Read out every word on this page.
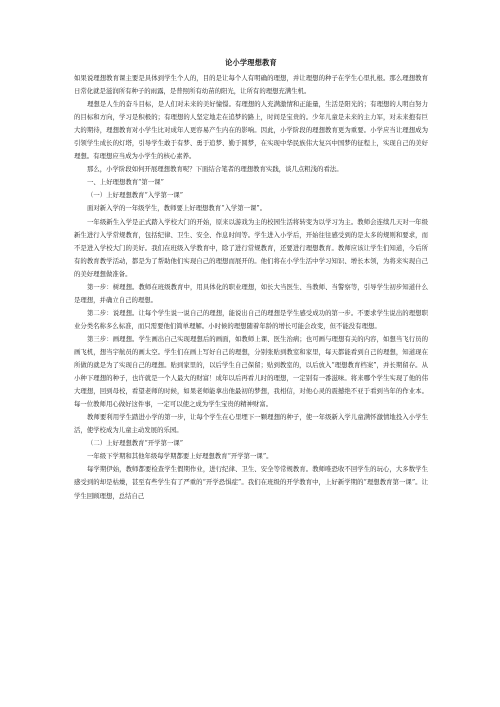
论小学理想教育

如果说理想教育课主要是具体到学生个人的，目的是让每个人有明确的理想，并让理想的种子在学生心里扎根。那么理想教育日常化就是滋润所有种子的雨露，是普照所有幼苗的阳光，让所有的理想充满生机。

理想是人生的奋斗目标，是人们对未来的美好憧憬。有理想的人充满激情和正能量，生活是阳光的；有理想的人明白努力的目标和方向，学习是积极的；有理想的人坚定地走在追梦的路上，时间是宝贵的。少年儿童是未来的主力军，对未来抱有巨大的期待，理想教育对小学生比对成年人更容易产生内在的影响。因此，小学阶段的理想教育更为重要。小学应当让理想成为引领学生成长的灯塔，引导学生敢于有梦、勇于追梦、勤于圆梦，在实现中华民族伟大复兴中国梦的征程上，实现自己的美好理想。有理想应当成为小学生的核心素养。

那么，小学阶段如何开展理想教育呢？下面结合笔者的理想教育实践，谈几点粗浅的看法。

一、上好理想教育“第一课”

（一）上好理想教育“入学第一课”

面对新入学的一年级学生，教师要上好理想教育“入学第一课”。

一年级新生入学是正式踏入学校大门的开始，原来以游戏为主的校园生活将转变为以学习为主。教师会连续几天对一年级新生进行入学常规教育，包括纪律、卫生、安全、作息时间等。学生进入小学后，开始往往感受到的是太多的规则和要求，而不是进入学校大门的美好。我们在班级入学教育中，除了进行常规教育，还要进行理想教育。教师应该让学生们知道，今后所有的教育教学活动，都是为了帮助他们实现自己的理想而展开的。他们将在小学生活中学习知识、增长本领，为将来实现自己的美好理想做准备。

第一步：树理想。教师在班级教育中，用具体化的职业理想，如长大当医生、当教师、当警察等，引导学生初步知道什么是理想，并确立自己的理想。

第二步：说理想。让每个学生说一说自己的理想，能说出自己的理想是学生感受成功的第一步。不要求学生说出的理想职业分类名称多么标准，而只需要他们简单理解。小时候的理想随着年龄的增长可能会改变，但不能没有理想。

第三步：画理想。学生画出自己实现理想后的画面，如教师上课、医生治病；也可画与理想有关的内容，如想当飞行员的画飞机，想当宇航员的画太空。学生们在画上写好自己的理想，分别张贴到教室和家里，每天都能看到自己的理想，知道现在所做的就是为了实现自己的理想。贴到家里的，以后学生自己保留；贴到教室的，以后放入“理想教育档案”，并长期留存。从小种下理想的种子，也许就是一个人最大的财富！成年以后再看儿时的理想，一定别有一番滋味。将来哪个学生实现了他的伟大理想，回到母校，看望老师的时候，如果老师能拿出他最初的梦想，我相信，对他心灵的震撼绝不亚于看到当年的作业本。每一位教师用心做好这件事，一定可以使之成为学生宝贵的精神财富。

教师要利用学生踏进小学的第一步，让每个学生在心里埋下一颗理想的种子，使一年级新入学儿童满怀激情地投入小学生活，使学校成为儿童主动发展的乐园。

（二）上好理想教育“开学第一课”

一年级下学期和其他年级每学期都要上好理想教育“开学第一课”。

每学期伊始，教师都要检查学生假期作业，进行纪律、卫生、安全等常规教育。教师唯恐收不回学生的玩心，大多数学生感受到的却是枯燥，甚至有些学生有了严重的“开学恐惧症”。我们在班级的开学教育中，上好新学期的“理想教育第一课”。让学生回顾理想，总结自己
